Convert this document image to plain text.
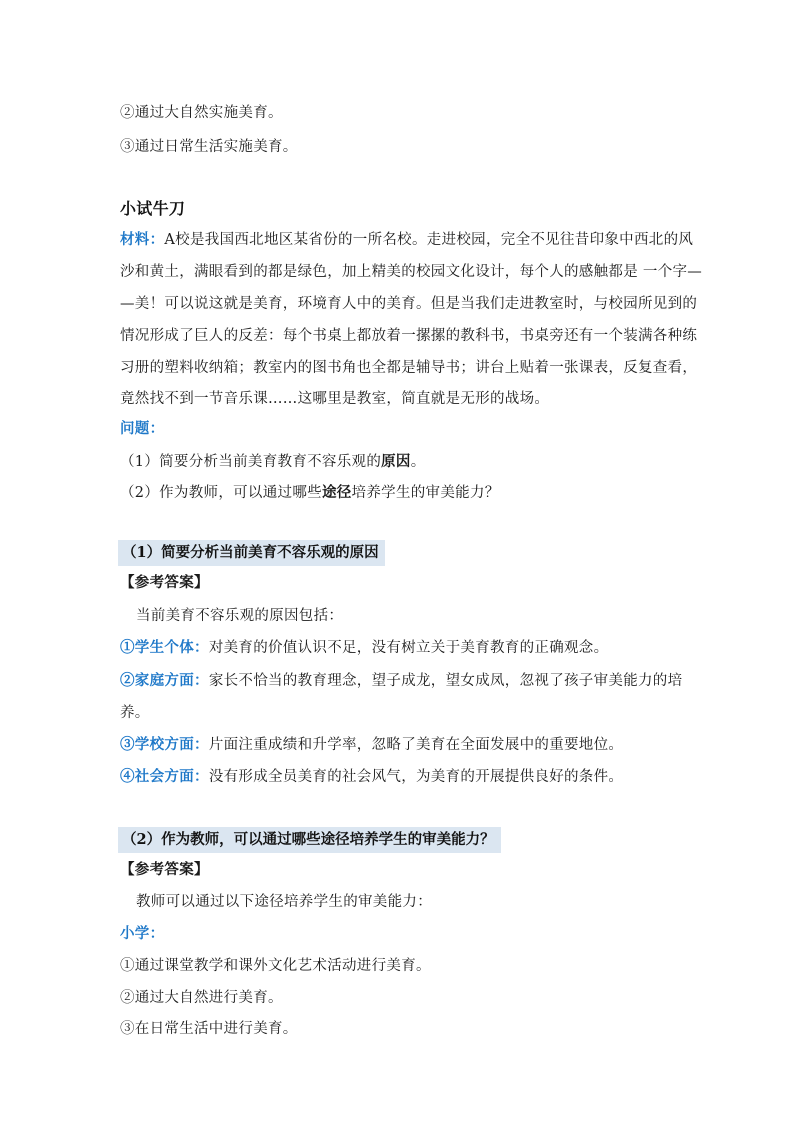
②通过大自然实施美育。
③通过日常生活实施美育。
小试牛刀
材料：A校是我国西北地区某省份的一所名校。走进校园，完全不见往昔印象中西北的风
沙和黄土，满眼看到的都是绿色，加上精美的校园文化设计，每个人的感触都是 一个字—
—美！可以说这就是美育，环境育人中的美育。但是当我们走进教室时，与校园所见到的
情况形成了巨人的反差：每个书桌上都放着一摞摞的教科书，书桌旁还有一个装满各种练
习册的塑料收纳箱；教室内的图书角也全都是辅导书；讲台上贴着一张课表，反复查看，
竟然找不到一节音乐课……这哪里是教室，简直就是无形的战场。
问题：
（1）简要分析当前美育教育不容乐观的原因。
（2）作为教师，可以通过哪些途径培养学生的审美能力？
（1）简要分析当前美育不容乐观的原因
【参考答案】
当前美育不容乐观的原因包括：
①学生个体：对美育的价值认识不足，没有树立关于美育教育的正确观念。
②家庭方面：家长不恰当的教育理念，望子成龙，望女成凤，忽视了孩子审美能力的培
养。
③学校方面：片面注重成绩和升学率，忽略了美育在全面发展中的重要地位。
④社会方面：没有形成全员美育的社会风气，为美育的开展提供良好的条件。
（2）作为教师，可以通过哪些途径培养学生的审美能力？
【参考答案】
教师可以通过以下途径培养学生的审美能力：
小学：
①通过课堂教学和课外文化艺术活动进行美育。
②通过大自然进行美育。
③在日常生活中进行美育。
